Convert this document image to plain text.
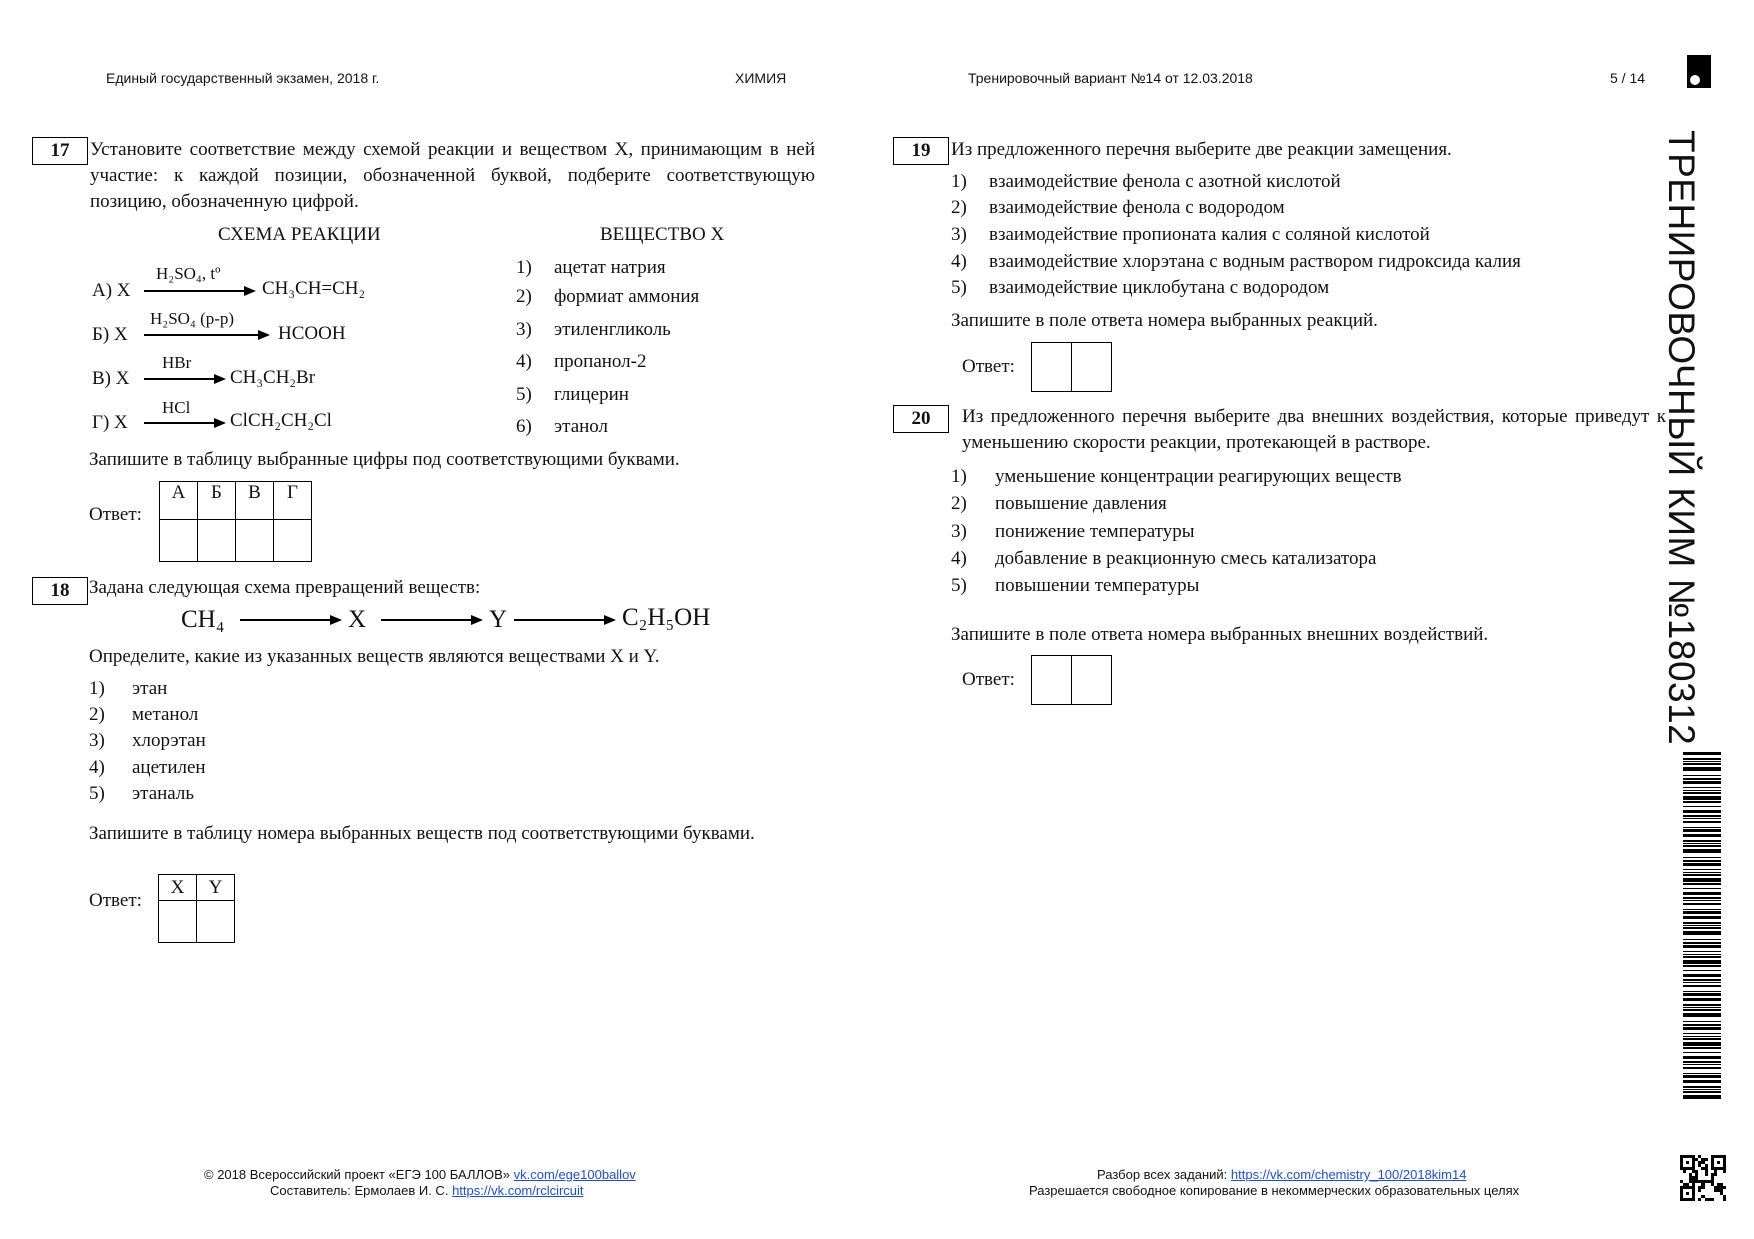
Единый государственный экзамен, 2018 г.	ХИМИЯ	Тренировочный вариант №14 от 12.03.2018	5 / 14
ТРЕНИРОВОЧНЫЙ КИМ №180312
17	Установите соответствие между схемой реакции и веществом X, принимающим в ней участие: к каждой позиции, обозначенной буквой, подберите соответствующую позицию, обозначенную цифрой.
СХЕМА РЕАКЦИИ	ВЕЩЕСТВО X
А) X
H₂SO₄, tº
CH₃CH=CH₂
Б) X
H₂SO₄ (р-р)
HCOOH
В) X
HBr
CH₃CH₂Br
Г) X
HCl
ClCH₂CH₂Cl
1) ацетат натрия
2) формиат аммония
3) этиленгликоль
4) пропанол-2
5) глицерин
6) этанол
Запишите в таблицу выбранные цифры под соответствующими буквами.
Ответ:
А	Б	В	Г

18	Задана следующая схема превращений веществ:
CH₄	X	Y	C₂H₅OH
Определите, какие из указанных веществ являются веществами X и Y.
1) этан
2) метанол
3) хлорэтан
4) ацетилен
5) этаналь
Запишите в таблицу номера выбранных веществ под соответствующими буквами.
Ответ:
X	Y

19	Из предложенного перечня выберите две реакции замещения.
1) взаимодействие фенола с азотной кислотой
2) взаимодействие фенола с водородом
3) взаимодействие пропионата калия с соляной кислотой
4) взаимодействие хлорэтана с водным раствором гидроксида калия
5) взаимодействие циклобутана с водородом
Запишите в поле ответа номера выбранных реакций.
Ответ:

20	Из предложенного перечня выберите два внешних воздействия, которые приведут к уменьшению скорости реакции, протекающей в растворе.
1) уменьшение концентрации реагирующих веществ
2) повышение давления
3) понижение температуры
4) добавление в реакционную смесь катализатора
5) повышении температуры
Запишите в поле ответа номера выбранных внешних воздействий.
Ответ:

© 2018 Всероссийский проект «ЕГЭ 100 БАЛЛОВ» vk.com/ege100ballov
Составитель: Ермолаев И. С. https://vk.com/rclcircuit
Разбор всех заданий: https://vk.com/chemistry_100/2018kim14
Разрешается свободное копирование в некоммерческих образовательных целях
